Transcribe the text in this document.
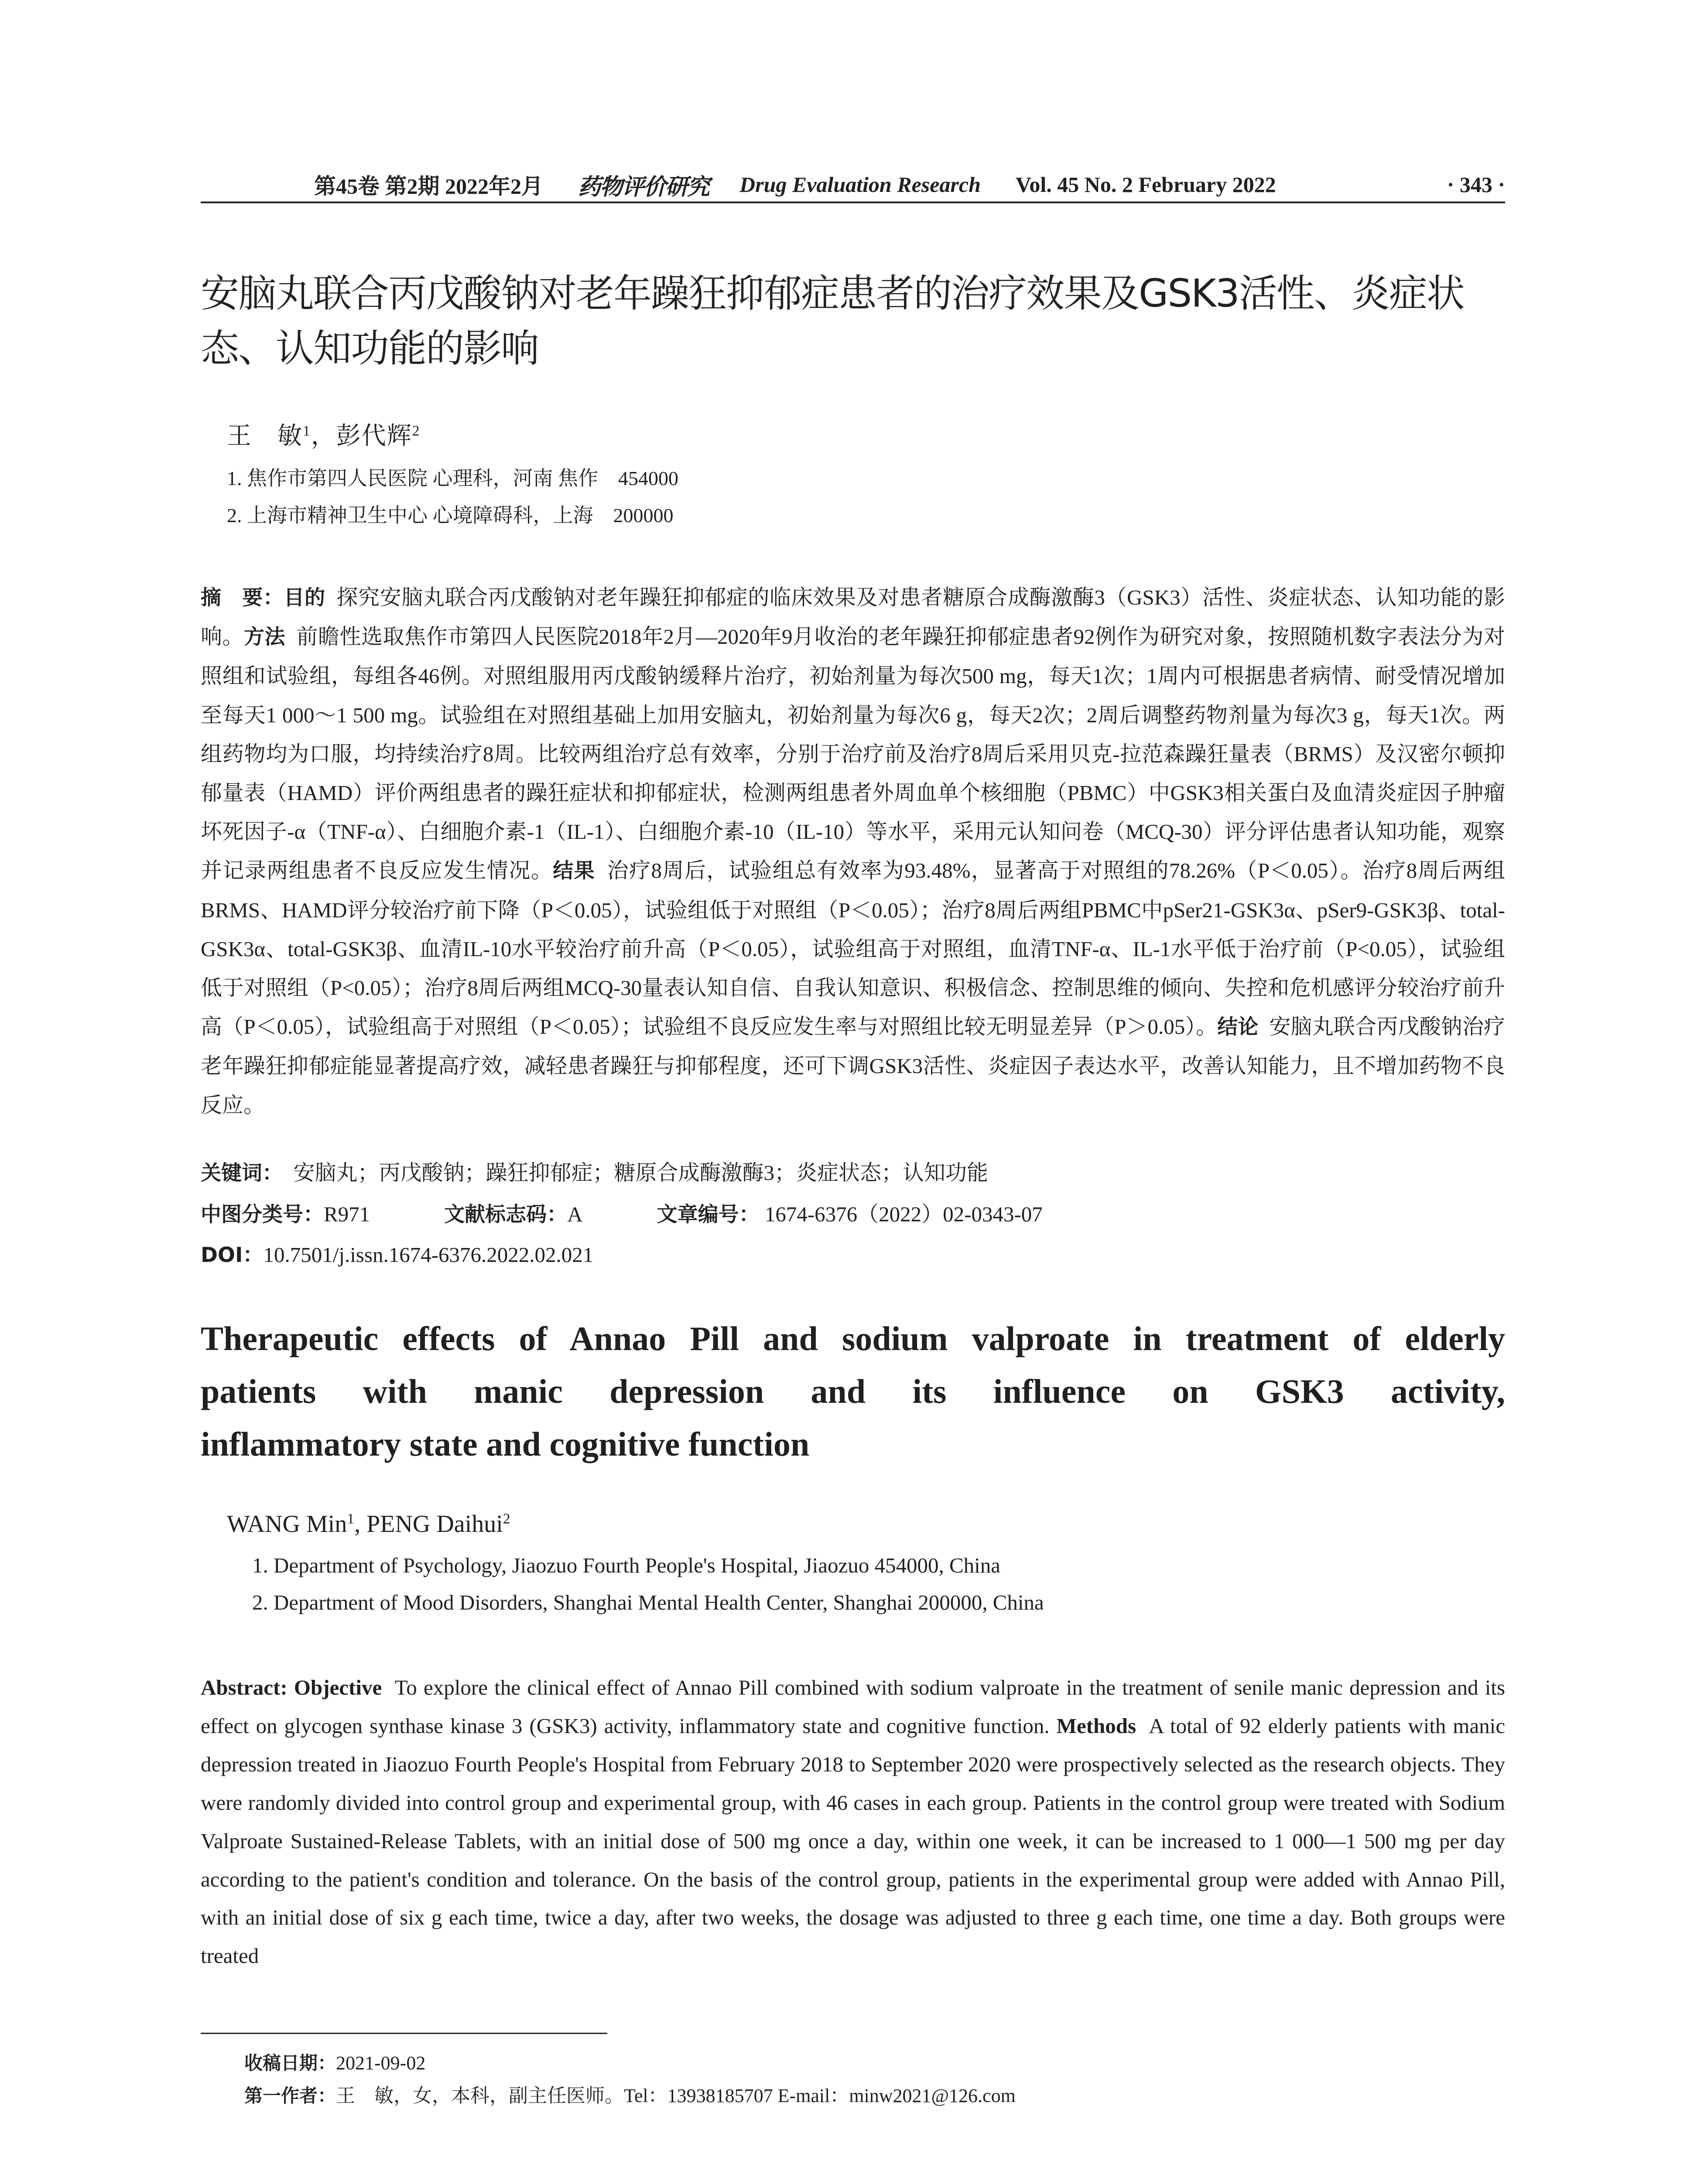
第45卷 第2期 2022年2月 药物评价研究 Drug Evaluation Research Vol. 45 No. 2 February 2022	· 343 ·
安脑丸联合丙戊酸钠对老年躁狂抑郁症患者的治疗效果及GSK3活性、炎症状态、认知功能的影响
王　敏$^1$，彭代辉$^2$
1. 焦作市第四人民医院 心理科，河南 焦作　454000
2. 上海市精神卫生中心 心境障碍科，上海　200000

摘　要：目的 探究安脑丸联合丙戊酸钠对老年躁狂抑郁症的临床效果及对患者糖原合成酶激酶3（GSK3）活性、炎症状态、认知功能的影响。方法 前瞻性选取焦作市第四人民医院2018年2月—2020年9月收治的老年躁狂抑郁症患者92例作为研究对象，按照随机数字表法分为对照组和试验组，每组各46例。对照组服用丙戊酸钠缓释片治疗，初始剂量为每次500 mg，每天1次；1周内可根据患者病情、耐受情况增加至每天1 000～1 500 mg。试验组在对照组基础上加用安脑丸，初始剂量为每次6 g，每天2次；2周后调整药物剂量为每次3 g，每天1次。两组药物均为口服，均持续治疗8周。比较两组治疗总有效率，分别于治疗前及治疗8周后采用贝克-拉范森躁狂量表（BRMS）及汉密尔顿抑郁量表（HAMD）评价两组患者的躁狂症状和抑郁症状，检测两组患者外周血单个核细胞（PBMC）中GSK3相关蛋白及血清炎症因子肿瘤坏死因子-α（TNF-α）、白细胞介素-1（IL-1）、白细胞介素-10（IL-10）等水平，采用元认知问卷（MCQ-30）评分评估患者认知功能，观察并记录两组患者不良反应发生情况。结果 治疗8周后，试验组总有效率为93.48%，显著高于对照组的78.26%（P＜0.05）。治疗8周后两组BRMS、HAMD评分较治疗前下降（P＜0.05），试验组低于对照组（P＜0.05）；治疗8周后两组PBMC中pSer21-GSK3α、pSer9-GSK3β、total-GSK3α、total-GSK3β、血清IL-10水平较治疗前升高（P＜0.05），试验组高于对照组，血清TNF-α、IL-1水平低于治疗前（P<0.05），试验组低于对照组（P<0.05）；治疗8周后两组MCQ-30量表认知自信、自我认知意识、积极信念、控制思维的倾向、失控和危机感评分较治疗前升高（P＜0.05），试验组高于对照组（P＜0.05）；试验组不良反应发生率与对照组比较无明显差异（P＞0.05）。结论 安脑丸联合丙戊酸钠治疗老年躁狂抑郁症能显著提高疗效，减轻患者躁狂与抑郁程度，还可下调GSK3活性、炎症因子表达水平，改善认知能力，且不增加药物不良反应。

关键词： 安脑丸；丙戊酸钠；躁狂抑郁症；糖原合成酶激酶3；炎症状态；认知功能
中图分类号：R971	文献标志码：A	文章编号： 1674-6376（2022）02-0343-07
DOI：10.7501/j.issn.1674-6376.2022.02.021
Therapeutic effects of Annao Pill and sodium valproate in treatment of elderly
patients with manic depression and its influence on GSK3 activity,
inflammatory state and cognitive function
WANG Min$^1$, PENG Daihui$^2$
1. Department of Psychology, Jiaozuo Fourth People's Hospital, Jiaozuo 454000, China
2. Department of Mood Disorders, Shanghai Mental Health Center, Shanghai 200000, China

Abstract: Objective To explore the clinical effect of Annao Pill combined with sodium valproate in the treatment of senile manic depression and its effect on glycogen synthase kinase 3 (GSK3) activity, inflammatory state and cognitive function. Methods A total of 92 elderly patients with manic depression treated in Jiaozuo Fourth People's Hospital from February 2018 to September 2020 were prospectively selected as the research objects. They were randomly divided into control group and experimental group, with 46 cases in each group. Patients in the control group were treated with Sodium Valproate Sustained-Release Tablets, with an initial dose of 500 mg once a day, within one week, it can be increased to 1 000—1 500 mg per day according to the patient's condition and tolerance. On the basis of the control group, patients in the experimental group were added with Annao Pill, with an initial dose of six g each time, twice a day, after two weeks, the dosage was adjusted to three g each time, one time a day. Both groups were treated

收稿日期：2021-09-02
第一作者：王　敏，女，本科，副主任医师。Tel：13938185707 E-mail：minw2021@126.com
